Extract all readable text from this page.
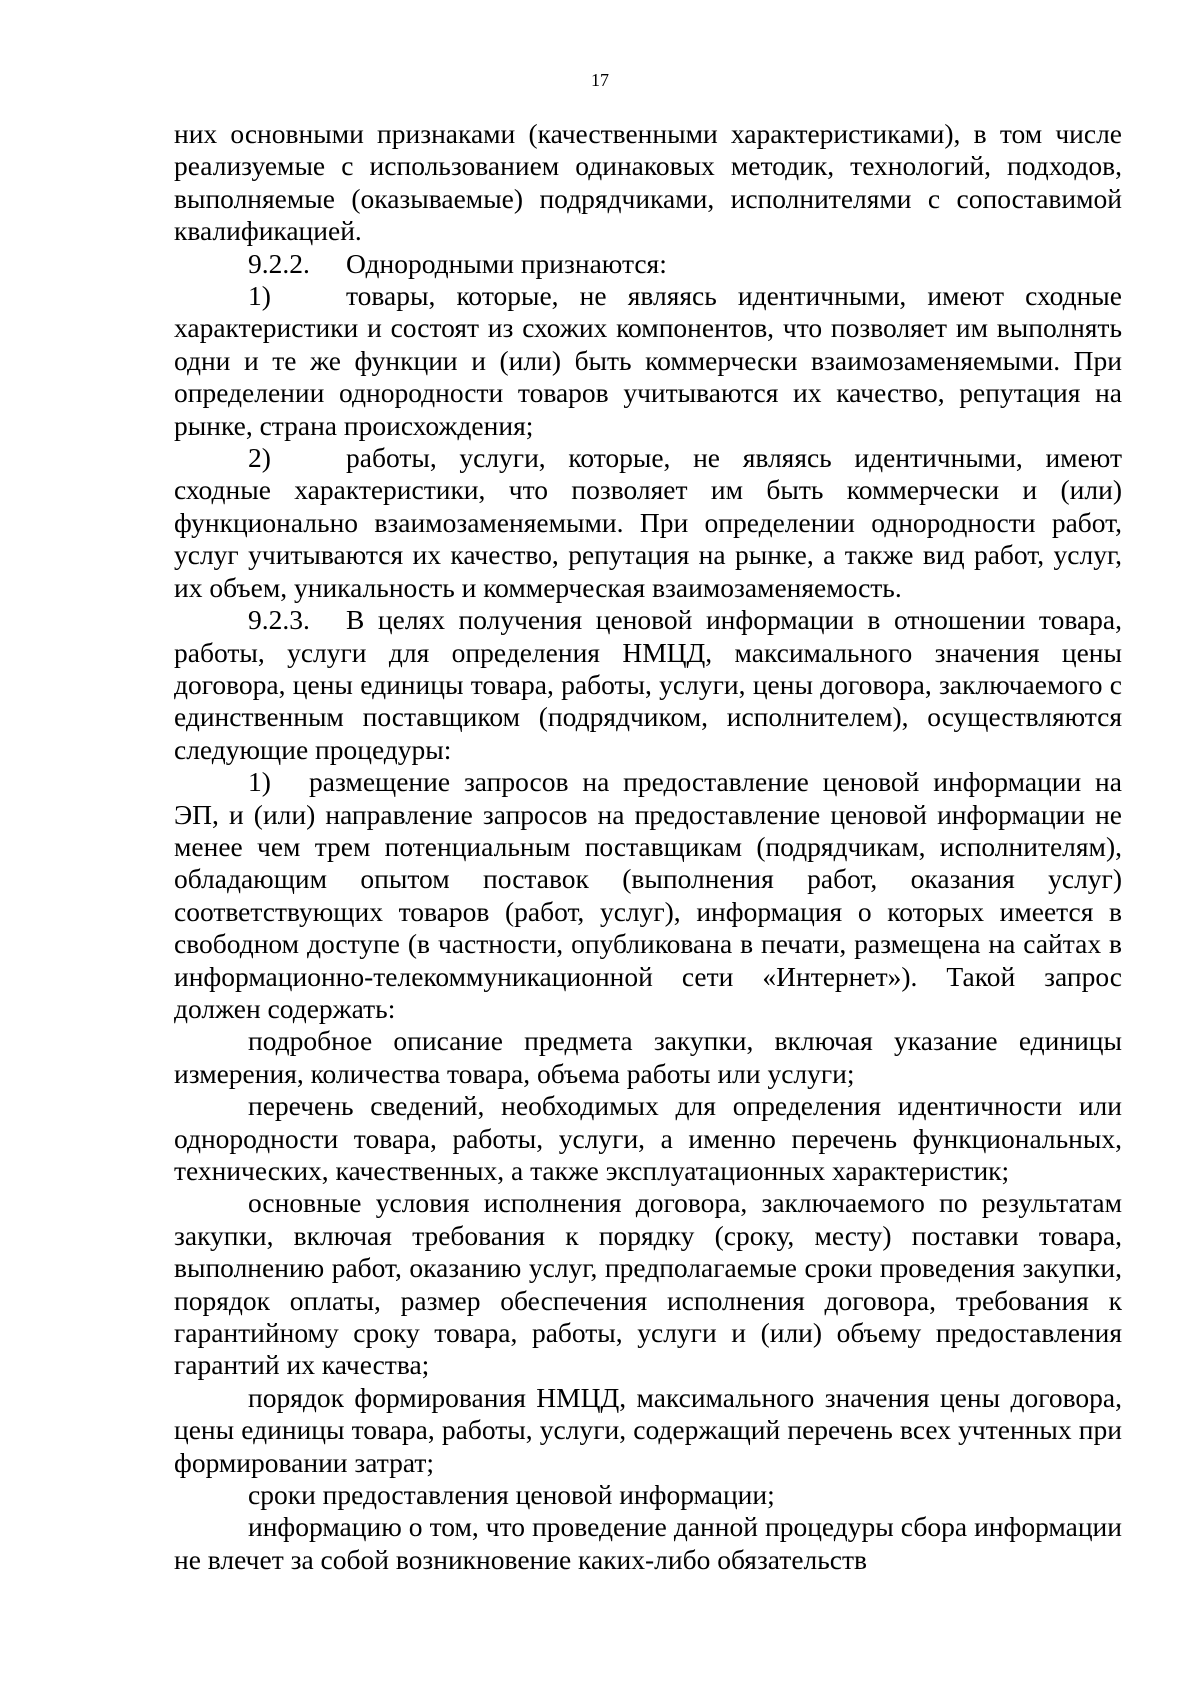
17

них основными признаками (качественными характеристиками), в том числе реализуемые с использованием одинаковых методик, технологий, подходов, выполняемые (оказываемые) подрядчиками, исполнителями с сопоставимой квалификацией.

9.2.2. Однородными признаются:

1)	товары, которые, не являясь идентичными, имеют сходные характеристики и состоят из схожих компонентов, что позволяет им выполнять одни и те же функции и (или) быть коммерчески взаимозаменяемыми. При определении однородности товаров учитываются их качество, репутация на рынке, страна происхождения;

2)	работы, услуги, которые, не являясь идентичными, имеют сходные характеристики, что позволяет им быть коммерчески и (или) функционально взаимозаменяемыми. При определении однородности работ, услуг учитываются их качество, репутация на рынке, а также вид работ, услуг, их объем, уникальность и коммерческая взаимозаменяемость.

9.2.3. В целях получения ценовой информации в отношении товара, работы, услуги для определения НМЦД, максимального значения цены договора, цены единицы товара, работы, услуги, цены договора, заключаемого с единственным поставщиком (подрядчиком, исполнителем), осуществляются следующие процедуры:

1) размещение запросов на предоставление ценовой информации на ЭП, и (или) направление запросов на предоставление ценовой информации не менее чем трем потенциальным поставщикам (подрядчикам, исполнителям), обладающим опытом поставок (выполнения работ, оказания услуг) соответствующих товаров (работ, услуг), информация о которых имеется в свободном доступе (в частности, опубликована в печати, размещена на сайтах в информационно-телекоммуникационной сети «Интернет»). Такой запрос должен содержать:

подробное описание предмета закупки, включая указание единицы измерения, количества товара, объема работы или услуги;

перечень сведений, необходимых для определения идентичности или однородности товара, работы, услуги, а именно перечень функциональных, технических, качественных, а также эксплуатационных характеристик;

основные условия исполнения договора, заключаемого по результатам закупки, включая требования к порядку (сроку, месту) поставки товара, выполнению работ, оказанию услуг, предполагаемые сроки проведения закупки, порядок оплаты, размер обеспечения исполнения договора, требования к гарантийному сроку товара, работы, услуги и (или) объему предоставления гарантий их качества;

порядок формирования НМЦД, максимального значения цены договора, цены единицы товара, работы, услуги, содержащий перечень всех учтенных при формировании затрат;

сроки предоставления ценовой информации;

информацию о том, что проведение данной процедуры сбора информации не влечет за собой возникновение каких-либо обязательств
